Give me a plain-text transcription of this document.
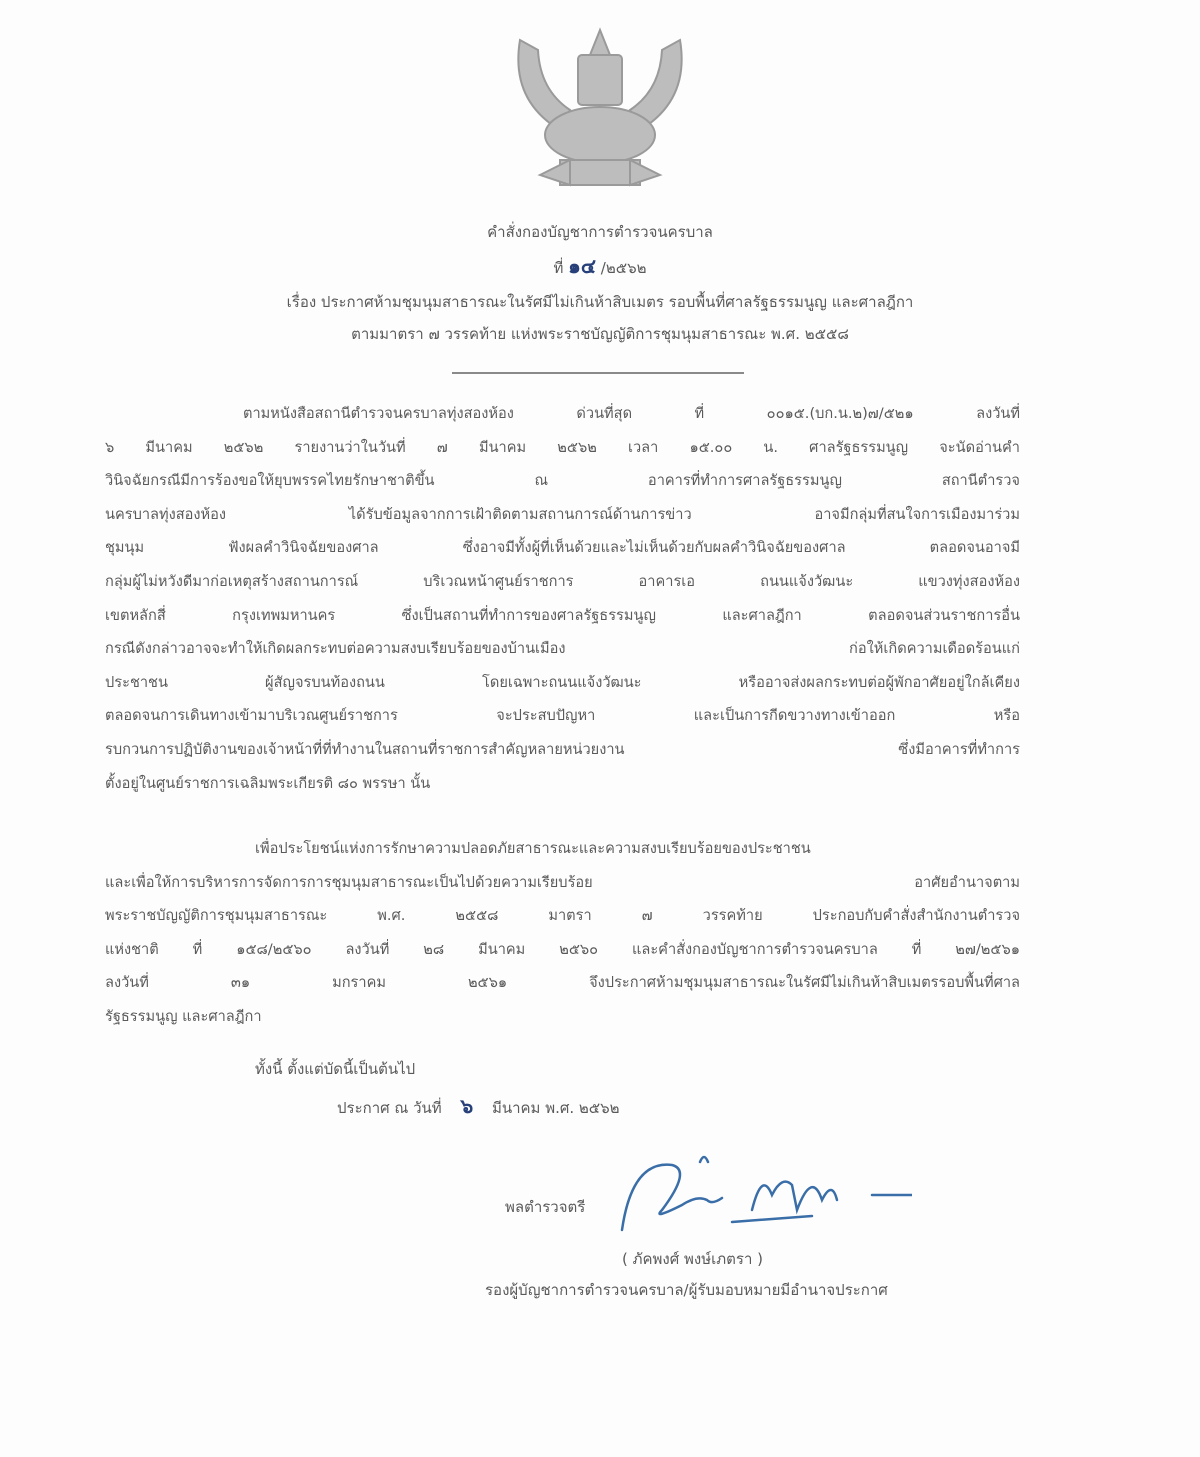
คำสั่งกองบัญชาการตำรวจนครบาล
ที่ ๑๔ /๒๕๖๒
เรื่อง ประกาศห้ามชุมนุมสาธารณะในรัศมีไม่เกินห้าสิบเมตร รอบพื้นที่ศาลรัฐธรรมนูญ และศาลฎีกา
ตามมาตรา ๗ วรรคท้าย แห่งพระราชบัญญัติการชุมนุมสาธารณะ พ.ศ. ๒๕๕๘
ตามหนังสือสถานีตำรวจนครบาลทุ่งสองห้อง ด่วนที่สุด ที่ ๐๐๑๕.(บก.น.๒)๗/๕๒๑ ลงวันที่
๖ มีนาคม ๒๕๖๒ รายงานว่าในวันที่ ๗ มีนาคม ๒๕๖๒ เวลา ๑๕.๐๐ น. ศาลรัฐธรรมนูญ จะนัดอ่านคำ
วินิจฉัยกรณีมีการร้องขอให้ยุบพรรคไทยรักษาชาติขึ้น ณ อาคารที่ทำการศาลรัฐธรรมนูญ สถานีตำรวจ
นครบาลทุ่งสองห้อง ได้รับข้อมูลจากการเฝ้าติดตามสถานการณ์ด้านการข่าว อาจมีกลุ่มที่สนใจการเมืองมาร่วม
ชุมนุม ฟังผลคำวินิจฉัยของศาล ซึ่งอาจมีทั้งผู้ที่เห็นด้วยและไม่เห็นด้วยกับผลคำวินิจฉัยของศาล ตลอดจนอาจมี
กลุ่มผู้ไม่หวังดีมาก่อเหตุสร้างสถานการณ์ บริเวณหน้าศูนย์ราชการ อาคารเอ ถนนแจ้งวัฒนะ แขวงทุ่งสองห้อง
เขตหลักสี่ กรุงเทพมหานคร ซึ่งเป็นสถานที่ทำการของศาลรัฐธรรมนูญ และศาลฎีกา ตลอดจนส่วนราชการอื่น
กรณีดังกล่าวอาจจะทำให้เกิดผลกระทบต่อความสงบเรียบร้อยของบ้านเมือง ก่อให้เกิดความเดือดร้อนแก่
ประชาชน ผู้สัญจรบนท้องถนน โดยเฉพาะถนนแจ้งวัฒนะ หรืออาจส่งผลกระทบต่อผู้พักอาศัยอยู่ใกล้เคียง
ตลอดจนการเดินทางเข้ามาบริเวณศูนย์ราชการ จะประสบปัญหา และเป็นการกีดขวางทางเข้าออก หรือ
รบกวนการปฏิบัติงานของเจ้าหน้าที่ที่ทำงานในสถานที่ราชการสำคัญหลายหน่วยงาน ซึ่งมีอาคารที่ทำการ
ตั้งอยู่ในศูนย์ราชการเฉลิมพระเกียรติ ๘๐ พรรษา นั้น
เพื่อประโยชน์แห่งการรักษาความปลอดภัยสาธารณะและความสงบเรียบร้อยของประชาชน
และเพื่อให้การบริหารการจัดการการชุมนุมสาธารณะเป็นไปด้วยความเรียบร้อย อาศัยอำนาจตาม
พระราชบัญญัติการชุมนุมสาธารณะ พ.ศ. ๒๕๕๘ มาตรา ๗ วรรคท้าย ประกอบกับคำสั่งสำนักงานตำรวจ
แห่งชาติ ที่ ๑๕๘/๒๕๖๐ ลงวันที่ ๒๘ มีนาคม ๒๕๖๐ และคำสั่งกองบัญชาการตำรวจนครบาล ที่ ๒๗/๒๕๖๑
ลงวันที่ ๓๑ มกราคม ๒๕๖๑ จึงประกาศห้ามชุมนุมสาธารณะในรัศมีไม่เกินห้าสิบเมตรรอบพื้นที่ศาล
รัฐธรรมนูญ และศาลฎีกา
ทั้งนี้ ตั้งแต่บัดนี้เป็นต้นไป
ประกาศ ณ วันที่ ๖ มีนาคม พ.ศ. ๒๕๖๒
พลตำรวจตรี
( ภัคพงศ์ พงษ์เภตรา )
รองผู้บัญชาการตำรวจนครบาล/ผู้รับมอบหมายมีอำนาจประกาศ
